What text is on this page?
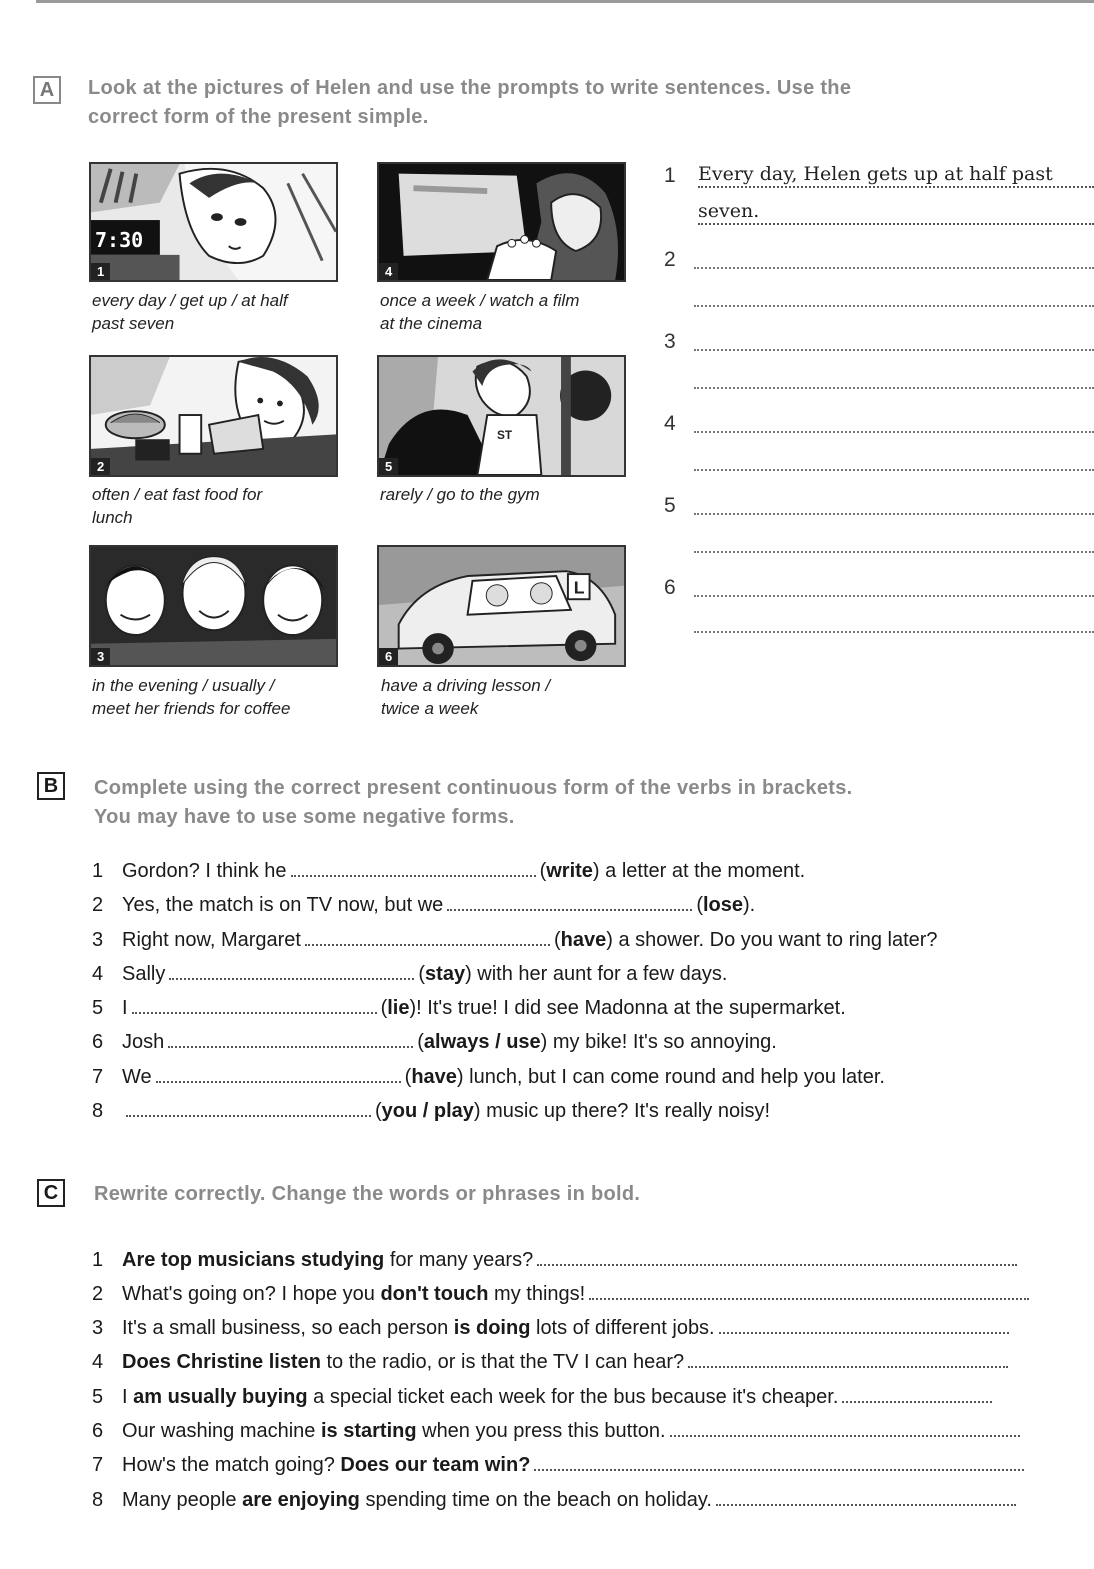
A	Look at the pictures of Helen and use the prompts to write sentences. Use the
correct form of the present simple.
7:30
1
every day / get up / at half
past seven
4
once a week / watch a film
at the cinema
2
often / eat fast food for
lunch
ST
5
rarely / go to the gym
3
in the evening / usually /
meet her friends for coffee
L
6
have a driving lesson /
twice a week
1 Every day, Helen gets up at half past
seven.
2
3
4
5
6
B	Complete using the correct present continuous form of the verbs in brackets.
You may have to use some negative forms.
1 Gordon? I think he	(write) a letter at the moment.
2 Yes, the match is on TV now, but we	(lose).
3 Right now, Margaret	(have) a shower. Do you want to ring later?
4 Sally	(stay) with her aunt for a few days.
5 I	(lie)! It's true! I did see Madonna at the supermarket.
6 Josh	(always / use) my bike! It's so annoying.
7 We	(have) lunch, but I can come round and help you later.
8	(you / play) music up there? It's really noisy!
C	Rewrite correctly. Change the words or phrases in bold.
1 Are top musicians studying for many years?
2 What's going on? I hope you don't touch my things!
3 It's a small business, so each person is doing lots of different jobs.
4 Does Christine listen to the radio, or is that the TV I can hear?
5 I am usually buying a special ticket each week for the bus because it's cheaper.
6 Our washing machine is starting when you press this button.
7 How's the match going? Does our team win?
8 Many people are enjoying spending time on the beach on holiday.
